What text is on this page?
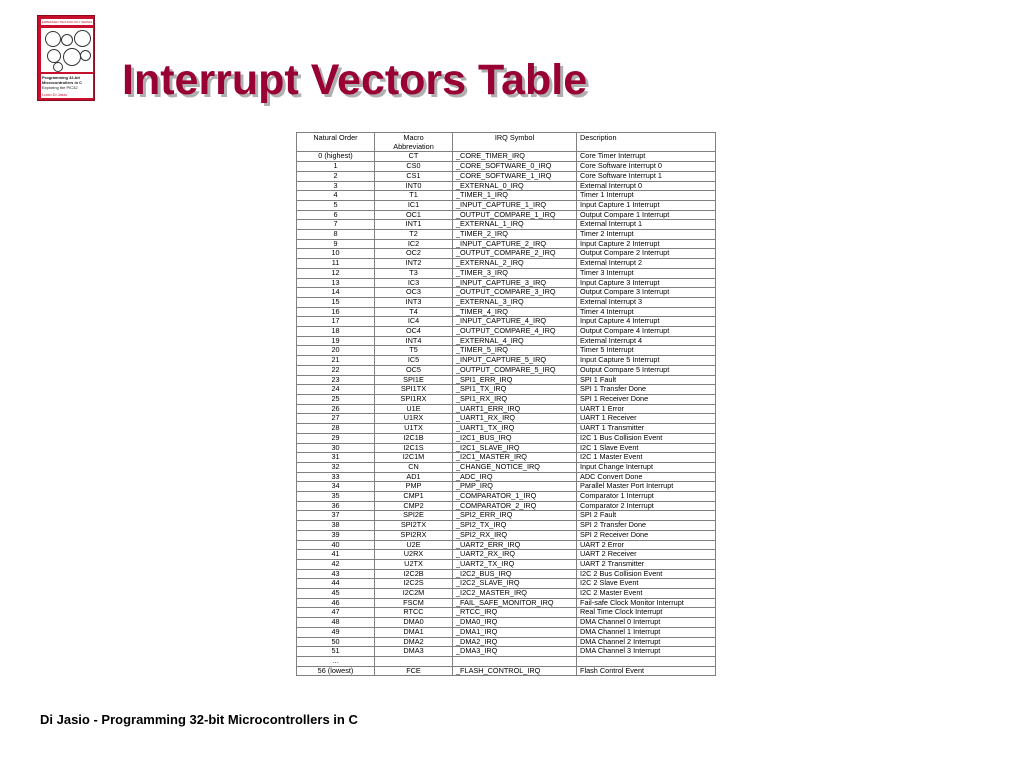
EMBEDDED TECHNOLOGY SERIES
Programming 32-bit Microcontrollers in C
Exploring the PIC32
Lucio Di Jasio	Interrupt Vectors Table
Natural Order	Macro Abbreviation	IRQ Symbol	Description
0 (highest)	CT	_CORE_TIMER_IRQ	Core Timer Interrupt
1	CS0	_CORE_SOFTWARE_0_IRQ	Core Software Interrupt 0
2	CS1	_CORE_SOFTWARE_1_IRQ	Core Software Interrupt 1
3	INT0	_EXTERNAL_0_IRQ	External Interrupt 0
4	T1	_TIMER_1_IRQ	Timer 1 Interrupt
5	IC1	_INPUT_CAPTURE_1_IRQ	Input Capture 1 Interrupt
6	OC1	_OUTPUT_COMPARE_1_IRQ	Output Compare 1 Interrupt
7	INT1	_EXTERNAL_1_IRQ	External Interrupt 1
8	T2	_TIMER_2_IRQ	Timer 2 Interrupt
9	IC2	_INPUT_CAPTURE_2_IRQ	Input Capture 2 Interrupt
10	OC2	_OUTPUT_COMPARE_2_IRQ	Output Compare 2 Interrupt
11	INT2	_EXTERNAL_2_IRQ	External Interrupt 2
12	T3	_TIMER_3_IRQ	Timer 3 Interrupt
13	IC3	_INPUT_CAPTURE_3_IRQ	Input Capture 3 Interrupt
14	OC3	_OUTPUT_COMPARE_3_IRQ	Output Compare 3 Interrupt
15	INT3	_EXTERNAL_3_IRQ	External Interrupt 3
16	T4	_TIMER_4_IRQ	Timer 4 Interrupt
17	IC4	_INPUT_CAPTURE_4_IRQ	Input Capture 4 Interrupt
18	OC4	_OUTPUT_COMPARE_4_IRQ	Output Compare 4 Interrupt
19	INT4	_EXTERNAL_4_IRQ	External Interrupt 4
20	T5	_TIMER_5_IRQ	Timer 5 Interrupt
21	IC5	_INPUT_CAPTURE_5_IRQ	Input Capture 5 Interrupt
22	OC5	_OUTPUT_COMPARE_5_IRQ	Output Compare 5 Interrupt
23	SPI1E	_SPI1_ERR_IRQ	SPI 1 Fault
24	SPI1TX	_SPI1_TX_IRQ	SPI 1 Transfer Done
25	SPI1RX	_SPI1_RX_IRQ	SPI 1 Receiver Done
26	U1E	_UART1_ERR_IRQ	UART 1 Error
27	U1RX	_UART1_RX_IRQ	UART 1 Receiver
28	U1TX	_UART1_TX_IRQ	UART 1 Transmitter
29	I2C1B	_I2C1_BUS_IRQ	I2C 1 Bus Collision Event
30	I2C1S	_I2C1_SLAVE_IRQ	I2C 1 Slave Event
31	I2C1M	_I2C1_MASTER_IRQ	I2C 1 Master Event
32	CN	_CHANGE_NOTICE_IRQ	Input Change Interrupt
33	AD1	_ADC_IRQ	ADC Convert Done
34	PMP	_PMP_IRQ	Parallel Master Port Interrupt
35	CMP1	_COMPARATOR_1_IRQ	Comparator 1 Interrupt
36	CMP2	_COMPARATOR_2_IRQ	Comparator 2 Interrupt
37	SPI2E	_SPI2_ERR_IRQ	SPI 2 Fault
38	SPI2TX	_SPI2_TX_IRQ	SPI 2 Transfer Done
39	SPI2RX	_SPI2_RX_IRQ	SPI 2 Receiver Done
40	U2E	_UART2_ERR_IRQ	UART 2 Error
41	U2RX	_UART2_RX_IRQ	UART 2 Receiver
42	U2TX	_UART2_TX_IRQ	UART 2 Transmitter
43	I2C2B	_I2C2_BUS_IRQ	I2C 2 Bus Collision Event
44	I2C2S	_I2C2_SLAVE_IRQ	I2C 2 Slave Event
45	I2C2M	_I2C2_MASTER_IRQ	I2C 2 Master Event
46	FSCM	_FAIL_SAFE_MONITOR_IRQ	Fail-safe Clock Monitor Interrupt
47	RTCC	_RTCC_IRQ	Real Time Clock Interrupt
48	DMA0	_DMA0_IRQ	DMA Channel 0 Interrupt
49	DMA1	_DMA1_IRQ	DMA Channel 1 Interrupt
50	DMA2	_DMA2_IRQ	DMA Channel 2 Interrupt
51	DMA3	_DMA3_IRQ	DMA Channel 3 Interrupt
…			
56 (lowest)	FCE	_FLASH_CONTROL_IRQ	Flash Control Event

Di Jasio - Programming 32-bit Microcontrollers in C
